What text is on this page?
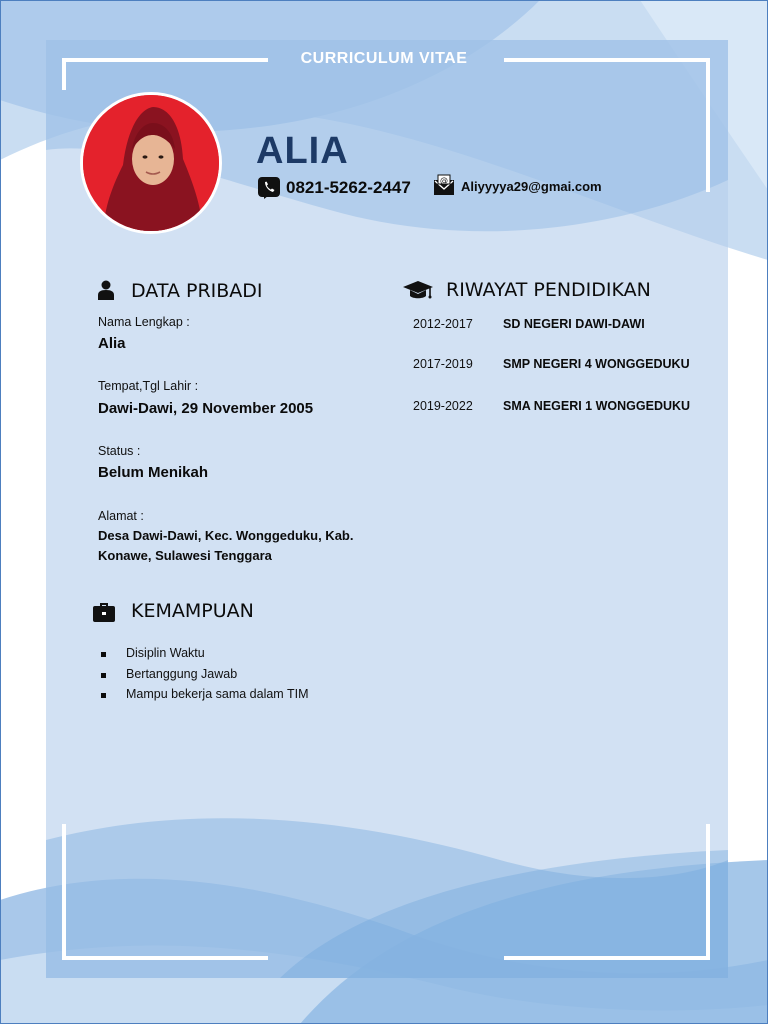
CURRICULUM VITAE
ALIA
0821-5262-2447	@ Aliyyyya29@gmai.com
DATA PRIBADI
Nama Lengkap :
Alia
Tempat,Tgl Lahir :
Dawi-Dawi, 29 November 2005
Status :
Belum Menikah
Alamat :
Desa Dawi-Dawi, Kec. Wonggeduku, Kab.
Konawe, Sulawesi Tenggara
KEMAMPUAN
Disiplin Waktu
Bertanggung Jawab
Mampu bekerja sama dalam TIM
RIWAYAT PENDIDIKAN
2012-2017 SD NEGERI DAWI-DAWI
2017-2019 SMP NEGERI 4 WONGGEDUKU
2019-2022 SMA NEGERI 1 WONGGEDUKU
